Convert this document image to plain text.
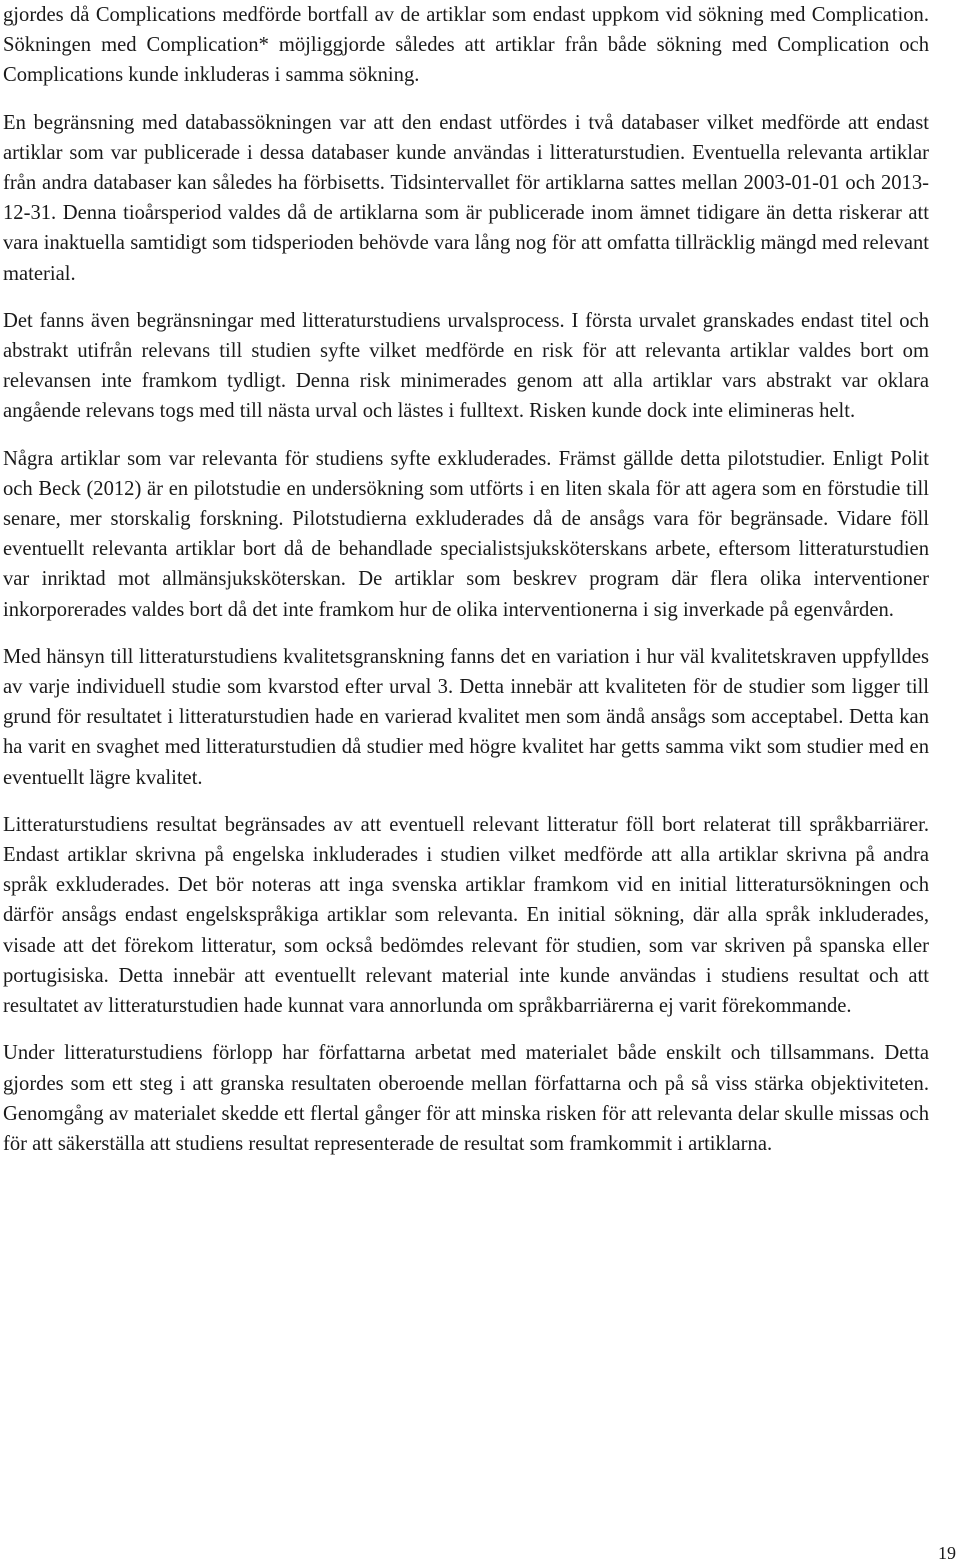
gjordes då Complications medförde bortfall av de artiklar som endast uppkom vid sökning med Complication. Sökningen med Complication* möjliggjorde således att artiklar från både sökning med Complication och Complications kunde inkluderas i samma sökning.

En begränsning med databassökningen var att den endast utfördes i två databaser vilket medförde att endast artiklar som var publicerade i dessa databaser kunde användas i litteraturstudien. Eventuella relevanta artiklar från andra databaser kan således ha förbisetts. Tidsintervallet för artiklarna sattes mellan 2003-01-01 och 2013-12-31. Denna tioårsperiod valdes då de artiklarna som är publicerade inom ämnet tidigare än detta riskerar att vara inaktuella samtidigt som tidsperioden behövde vara lång nog för att omfatta tillräcklig mängd med relevant material.

Det fanns även begränsningar med litteraturstudiens urvalsprocess. I första urvalet granskades endast titel och abstrakt utifrån relevans till studien syfte vilket medförde en risk för att relevanta artiklar valdes bort om relevansen inte framkom tydligt. Denna risk minimerades genom att alla artiklar vars abstrakt var oklara angående relevans togs med till nästa urval och lästes i fulltext. Risken kunde dock inte elimineras helt.

Några artiklar som var relevanta för studiens syfte exkluderades. Främst gällde detta pilotstudier. Enligt Polit och Beck (2012) är en pilotstudie en undersökning som utförts i en liten skala för att agera som en förstudie till senare, mer storskalig forskning. Pilotstudierna exkluderades då de ansågs vara för begränsade. Vidare föll eventuellt relevanta artiklar bort då de behandlade specialistsjuksköterskans arbete, eftersom litteraturstudien var inriktad mot allmänsjuksköterskan. De artiklar som beskrev program där flera olika interventioner inkorporerades valdes bort då det inte framkom hur de olika interventionerna i sig inverkade på egenvården.

Med hänsyn till litteraturstudiens kvalitetsgranskning fanns det en variation i hur väl kvalitetskraven uppfylldes av varje individuell studie som kvarstod efter urval 3. Detta innebär att kvaliteten för de studier som ligger till grund för resultatet i litteraturstudien hade en varierad kvalitet men som ändå ansågs som acceptabel. Detta kan ha varit en svaghet med litteraturstudien då studier med högre kvalitet har getts samma vikt som studier med en eventuellt lägre kvalitet.

Litteraturstudiens resultat begränsades av att eventuell relevant litteratur föll bort relaterat till språkbarriärer. Endast artiklar skrivna på engelska inkluderades i studien vilket medförde att alla artiklar skrivna på andra språk exkluderades. Det bör noteras att inga svenska artiklar framkom vid en initial litteratursökningen och därför ansågs endast engelskspråkiga artiklar som relevanta. En initial sökning, där alla språk inkluderades, visade att det förekom litteratur, som också bedömdes relevant för studien, som var skriven på spanska eller portugisiska. Detta innebär att eventuellt relevant material inte kunde användas i studiens resultat och att resultatet av litteraturstudien hade kunnat vara annorlunda om språkbarriärerna ej varit förekommande.

Under litteraturstudiens förlopp har författarna arbetat med materialet både enskilt och tillsammans. Detta gjordes som ett steg i att granska resultaten oberoende mellan författarna och på så viss stärka objektiviteten. Genomgång av materialet skedde ett flertal gånger för att minska risken för att relevanta delar skulle missas och för att säkerställa att studiens resultat representerade de resultat som framkommit i artiklarna.

19
